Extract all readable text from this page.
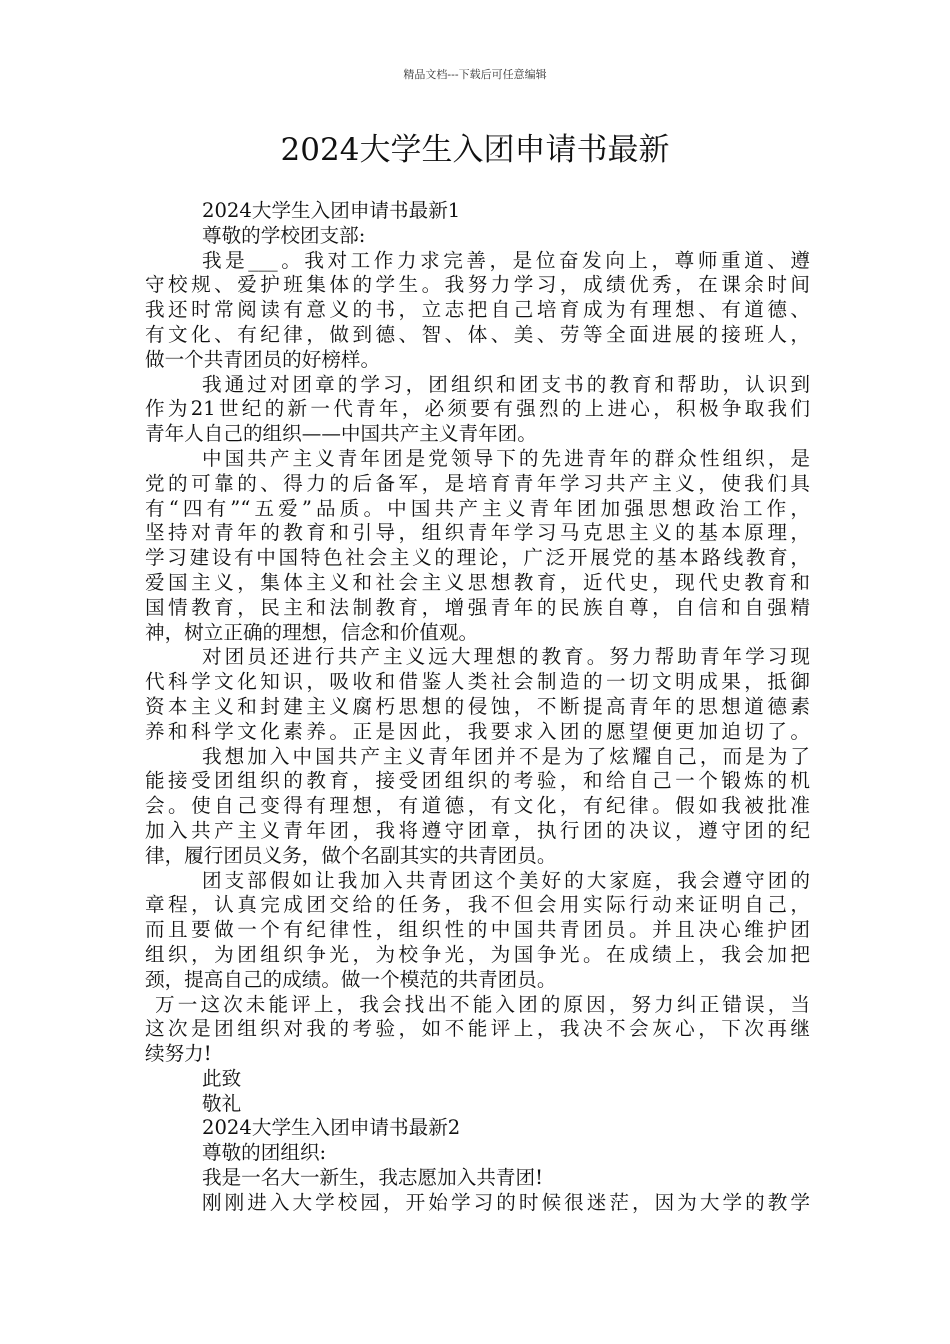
精品文档---下载后可任意编辑
2024大学生入团申请书最新
2024大学生入团申请书最新1
尊敬的学校团支部:
我是___。我对工作力求完善，是位奋发向上，尊师重道、遵
守校规、爱护班集体的学生。我努力学习，成绩优秀，在课余时间
我还时常阅读有意义的书，立志把自己培育成为有理想、有道德、
有文化、有纪律，做到德、智、体、美、劳等全面进展的接班人，
做一个共青团员的好榜样。
我通过对团章的学习，团组织和团支书的教育和帮助，认识到
作为21世纪的新一代青年，必须要有强烈的上进心，积极争取我们
青年人自己的组织——中国共产主义青年团。
中国共产主义青年团是党领导下的先进青年的群众性组织，是
党的可靠的、得力的后备军，是培育青年学习共产主义，使我们具
有“四有”“五爱”品质。中国共产主义青年团加强思想政治工作，
坚持对青年的教育和引导，组织青年学习马克思主义的基本原理，
学习建设有中国特色社会主义的理论，广泛开展党的基本路线教育，
爱国主义，集体主义和社会主义思想教育，近代史，现代史教育和
国情教育，民主和法制教育，增强青年的民族自尊，自信和自强精
神，树立正确的理想，信念和价值观。
对团员还进行共产主义远大理想的教育。努力帮助青年学习现
代科学文化知识，吸收和借鉴人类社会制造的一切文明成果，抵御
资本主义和封建主义腐朽思想的侵蚀，不断提高青年的思想道德素
养和科学文化素养。正是因此，我要求入团的愿望便更加迫切了。
我想加入中国共产主义青年团并不是为了炫耀自己，而是为了
能接受团组织的教育，接受团组织的考验，和给自己一个锻炼的机
会。使自己变得有理想，有道德，有文化，有纪律。假如我被批准
加入共产主义青年团，我将遵守团章，执行团的决议，遵守团的纪
律，履行团员义务，做个名副其实的共青团员。
团支部假如让我加入共青团这个美好的大家庭，我会遵守团的
章程，认真完成团交给的任务，我不但会用实际行动来证明自己，
而且要做一个有纪律性，组织性的中国共青团员。并且决心维护团
组织，为团组织争光，为校争光，为国争光。在成绩上，我会加把
颈，提高自己的成绩。做一个模范的共青团员。
万一这次未能评上，我会找出不能入团的原因，努力纠正错误，当
这次是团组织对我的考验，如不能评上，我决不会灰心，下次再继
续努力!
此致
敬礼
2024大学生入团申请书最新2
尊敬的团组织:
我是一名大一新生，我志愿加入共青团!
刚刚进入大学校园，开始学习的时候很迷茫，因为大学的教学
